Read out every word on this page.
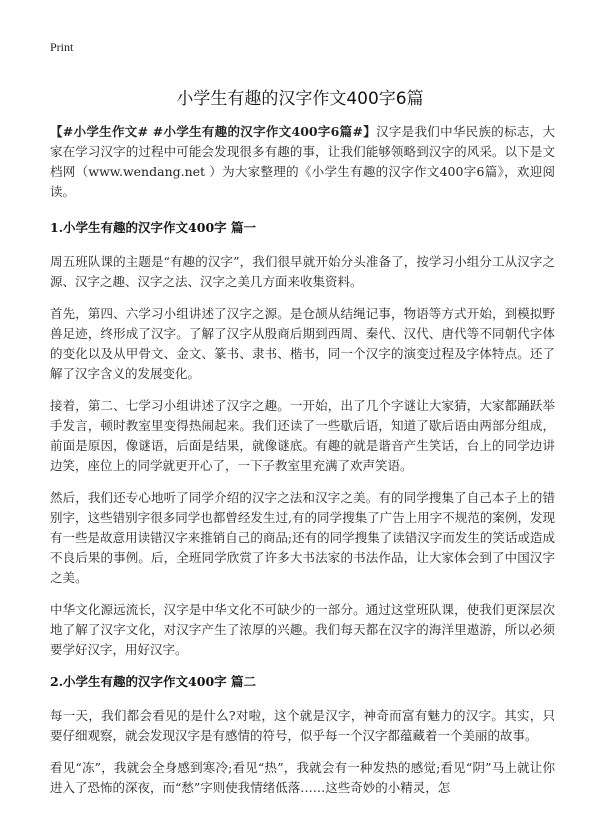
Print
小学生有趣的汉字作文400字6篇

【#小学生作文# #小学生有趣的汉字作文400字6篇#】汉字是我们中华民族的标志，大家在学习汉字的过程中可能会发现很多有趣的事，让我们能够领略到汉字的风采。以下是文档网（www.wendang.net ）为大家整理的《小学生有趣的汉字作文400字6篇》，欢迎阅读。

1.小学生有趣的汉字作文400字 篇一

周五班队课的主题是“有趣的汉字”，我们很早就开始分头准备了，按学习小组分工从汉字之源、汉字之趣、汉字之法、汉字之美几方面来收集资料。

首先，第四、六学习小组讲述了汉字之源。是仓颉从结绳记事，物语等方式开始，到模拟野兽足迹，终形成了汉字。了解了汉字从殷商后期到西周、秦代、汉代、唐代等不同朝代字体的变化以及从甲骨文、金文、篆书、隶书、楷书，同一个汉字的演变过程及字体特点。还了解了汉字含义的发展变化。

接着，第二、七学习小组讲述了汉字之趣。一开始，出了几个字谜让大家猜，大家都踊跃举手发言，顿时教室里变得热闹起来。我们还读了一些歇后语，知道了歇后语由两部分组成，前面是原因，像谜语，后面是结果，就像谜底。有趣的就是谐音产生笑话，台上的同学边讲边笑，座位上的同学就更开心了，一下子教室里充满了欢声笑语。

然后，我们还专心地听了同学介绍的汉字之法和汉字之美。有的同学搜集了自己本子上的错别字，这些错别字很多同学也都曾经发生过,有的同学搜集了广告上用字不规范的案例，发现有一些是故意用读错汉字来推销自己的商品;还有的同学搜集了读错汉字而发生的笑话或造成不良后果的事例。后，全班同学欣赏了许多大书法家的书法作品，让大家体会到了中国汉字之美。

中华文化源远流长，汉字是中华文化不可缺少的一部分。通过这堂班队课，使我们更深层次地了解了汉字文化，对汉字产生了浓厚的兴趣。我们每天都在汉字的海洋里遨游，所以必须要学好汉字，用好汉字。

2.小学生有趣的汉字作文400字 篇二

每一天，我们都会看见的是什么?对啦，这个就是汉字，神奇而富有魅力的汉字。其实，只要仔细观察，就会发现汉字是有感情的符号，似乎每一个汉字都蕴藏着一个美丽的故事。

看见“冻”，我就会全身感到寒冷;看见“热”，我就会有一种发热的感觉;看见“阴”马上就让你进入了恐怖的深夜，而“愁”字则使我情绪低落……这些奇妙的小精灵，怎
